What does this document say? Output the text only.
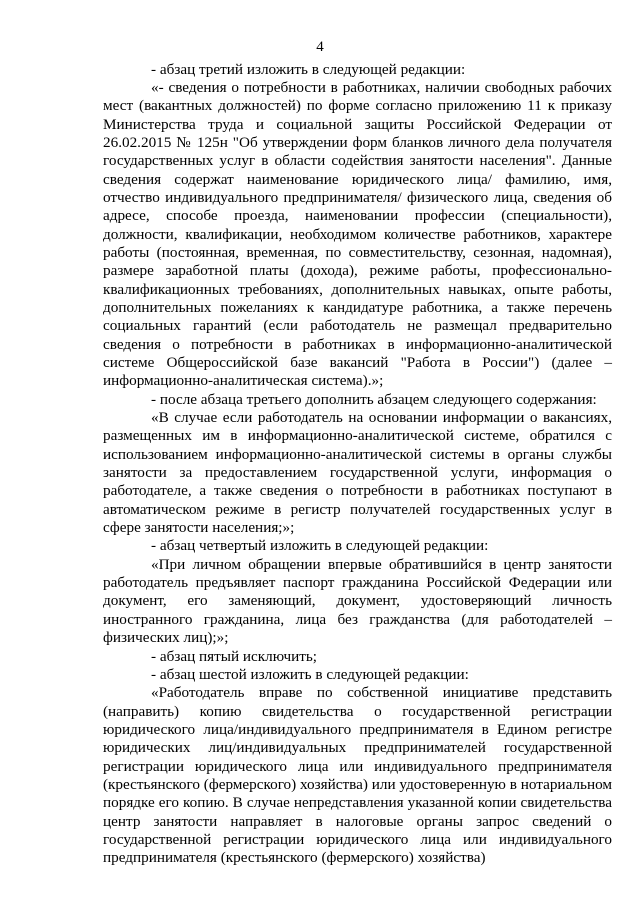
4

- абзац третий изложить в следующей редакции:

«- сведения о потребности в работниках, наличии свободных рабочих мест (вакантных должностей) по форме согласно приложению 11 к приказу Министерства труда и социальной защиты Российской Федерации от 26.02.2015 № 125н "Об утверждении форм бланков личного дела получателя государственных услуг в области содействия занятости населения". Данные сведения содержат наименование юридического лица/ фамилию, имя, отчество индивидуального предпринимателя/ физического лица, сведения об адресе, способе проезда, наименовании профессии (специальности), должности, квалификации, необходимом количестве работников, характере работы (постоянная, временная, по совместительству, сезонная, надомная), размере заработной платы (дохода), режиме работы, профессионально-квалификационных требованиях, дополнительных навыках, опыте работы, дополнительных пожеланиях к кандидатуре работника, а также перечень социальных гарантий (если работодатель не размещал предварительно сведения о потребности в работниках в информационно-аналитической системе Общероссийской базе вакансий "Работа в России") (далее – информационно-аналитическая система).»;

- после абзаца третьего дополнить абзацем следующего содержания:

«В случае если работодатель на основании информации о вакансиях, размещенных им в информационно-аналитической системе, обратился с использованием информационно-аналитической системы в органы службы занятости за предоставлением государственной услуги, информация о работодателе, а также сведения о потребности в работниках поступают в автоматическом режиме в регистр получателей государственных услуг в сфере занятости населения;»;

- абзац четвертый изложить в следующей редакции:

«При личном обращении впервые обратившийся в центр занятости работодатель предъявляет паспорт гражданина Российской Федерации или документ, его заменяющий, документ, удостоверяющий личность иностранного гражданина, лица без гражданства (для работодателей – физических лиц);»;

- абзац пятый исключить;

- абзац шестой изложить в следующей редакции:

«Работодатель вправе по собственной инициативе представить (направить) копию свидетельства о государственной регистрации юридического лица/индивидуального предпринимателя в Едином регистре юридических лиц/индивидуальных предпринимателей государственной регистрации юридического лица или индивидуального предпринимателя (крестьянского (фермерского) хозяйства) или удостоверенную в нотариальном порядке его копию. В случае непредставления указанной копии свидетельства центр занятости направляет в налоговые органы запрос сведений о государственной регистрации юридического лица или индивидуального предпринимателя (крестьянского (фермерского) хозяйства)
